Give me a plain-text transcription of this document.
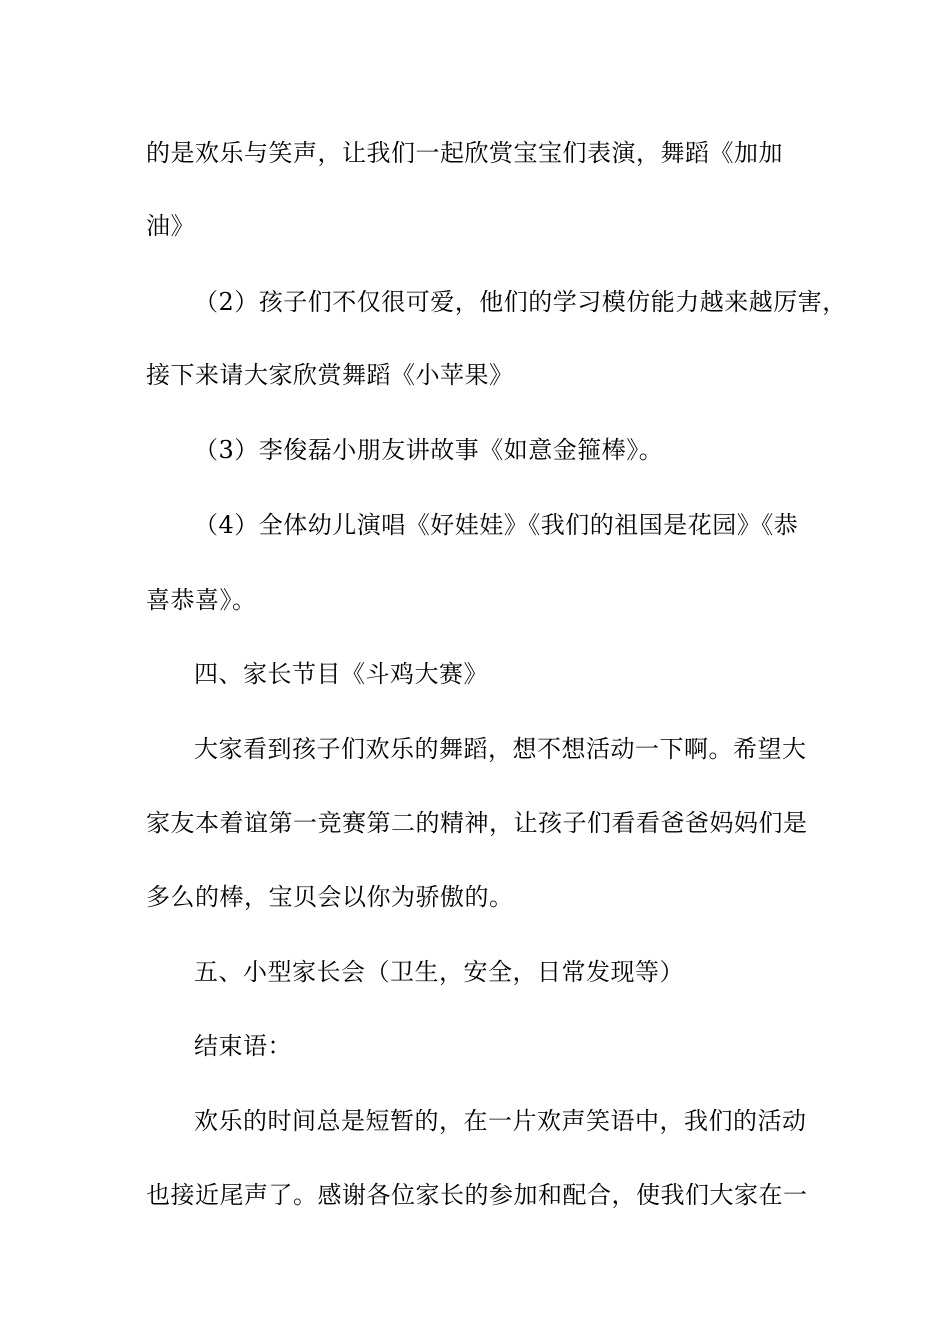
的是欢乐与笑声，让我们一起欣赏宝宝们表演，舞蹈《加加
油》
（2）孩子们不仅很可爱，他们的学习模仿能力越来越厉害，
接下来请大家欣赏舞蹈《小苹果》
（3）李俊磊小朋友讲故事《如意金箍棒》。
（4）全体幼儿演唱《好娃娃》《我们的祖国是花园》《恭
喜恭喜》。
四、家长节目《斗鸡大赛》
大家看到孩子们欢乐的舞蹈，想不想活动一下啊。希望大
家友本着谊第一竞赛第二的精神，让孩子们看看爸爸妈妈们是
多么的棒，宝贝会以你为骄傲的。
五、小型家长会（卫生，安全，日常发现等）
结束语：
欢乐的时间总是短暂的，在一片欢声笑语中，我们的活动
也接近尾声了。感谢各位家长的参加和配合，使我们大家在一
